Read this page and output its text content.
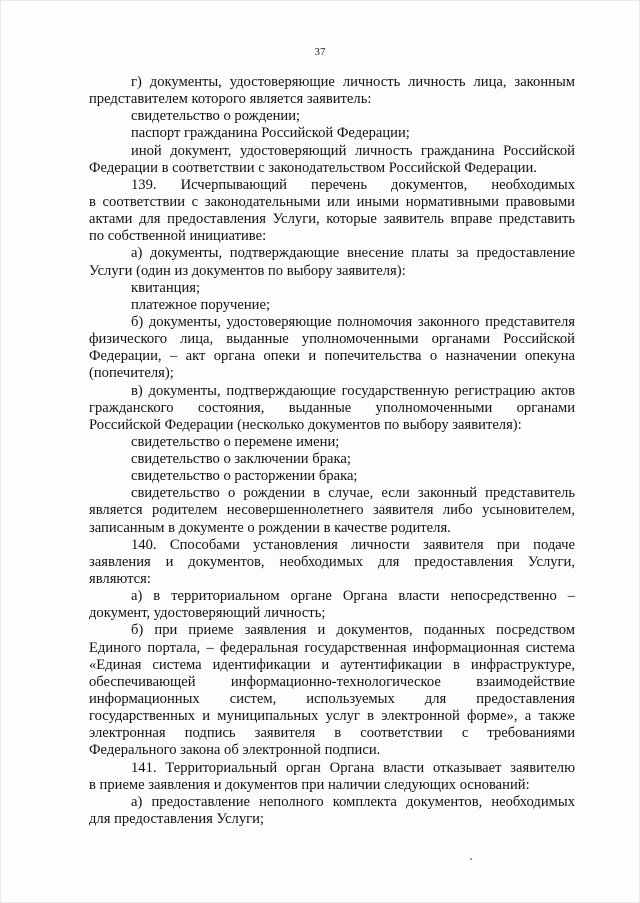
37
г) документы, удостоверяющие личность личность лица, законным
представителем которого является заявитель:
свидетельство о рождении;
паспорт гражданина Российской Федерации;
иной документ, удостоверяющий личность гражданина Российской
Федерации в соответствии с законодательством Российской Федерации.
139. Исчерпывающий перечень документов, необходимых
в соответствии с законодательными или иными нормативными правовыми
актами для предоставления Услуги, которые заявитель вправе представить
по собственной инициативе:
а) документы, подтверждающие внесение платы за предоставление
Услуги (один из документов по выбору заявителя):
квитанция;
платежное поручение;
б) документы, удостоверяющие полномочия законного представителя
физического лица, выданные уполномоченными органами Российской
Федерации, – акт органа опеки и попечительства о назначении опекуна
(попечителя);
в) документы, подтверждающие государственную регистрацию актов
гражданского состояния, выданные уполномоченными органами
Российской Федерации (несколько документов по выбору заявителя):
свидетельство о перемене имени;
свидетельство о заключении брака;
свидетельство о расторжении брака;
свидетельство о рождении в случае, если законный представитель
является родителем несовершеннолетнего заявителя либо усыновителем,
записанным в документе о рождении в качестве родителя.
140. Способами установления личности заявителя при подаче
заявления и документов, необходимых для предоставления Услуги,
являются:
а) в территориальном органе Органа власти непосредственно –
документ, удостоверяющий личность;
б) при приеме заявления и документов, поданных посредством
Единого портала, – федеральная государственная информационная система
«Единая система идентификации и аутентификации в инфраструктуре,
обеспечивающей информационно-технологическое взаимодействие
информационных систем, используемых для предоставления
государственных и муниципальных услуг в электронной форме», а также
электронная подпись заявителя в соответствии с требованиями
Федерального закона об электронной подписи.
141. Территориальный орган Органа власти отказывает заявителю
в приеме заявления и документов при наличии следующих оснований:
а) предоставление неполного комплекта документов, необходимых
для предоставления Услуги;
